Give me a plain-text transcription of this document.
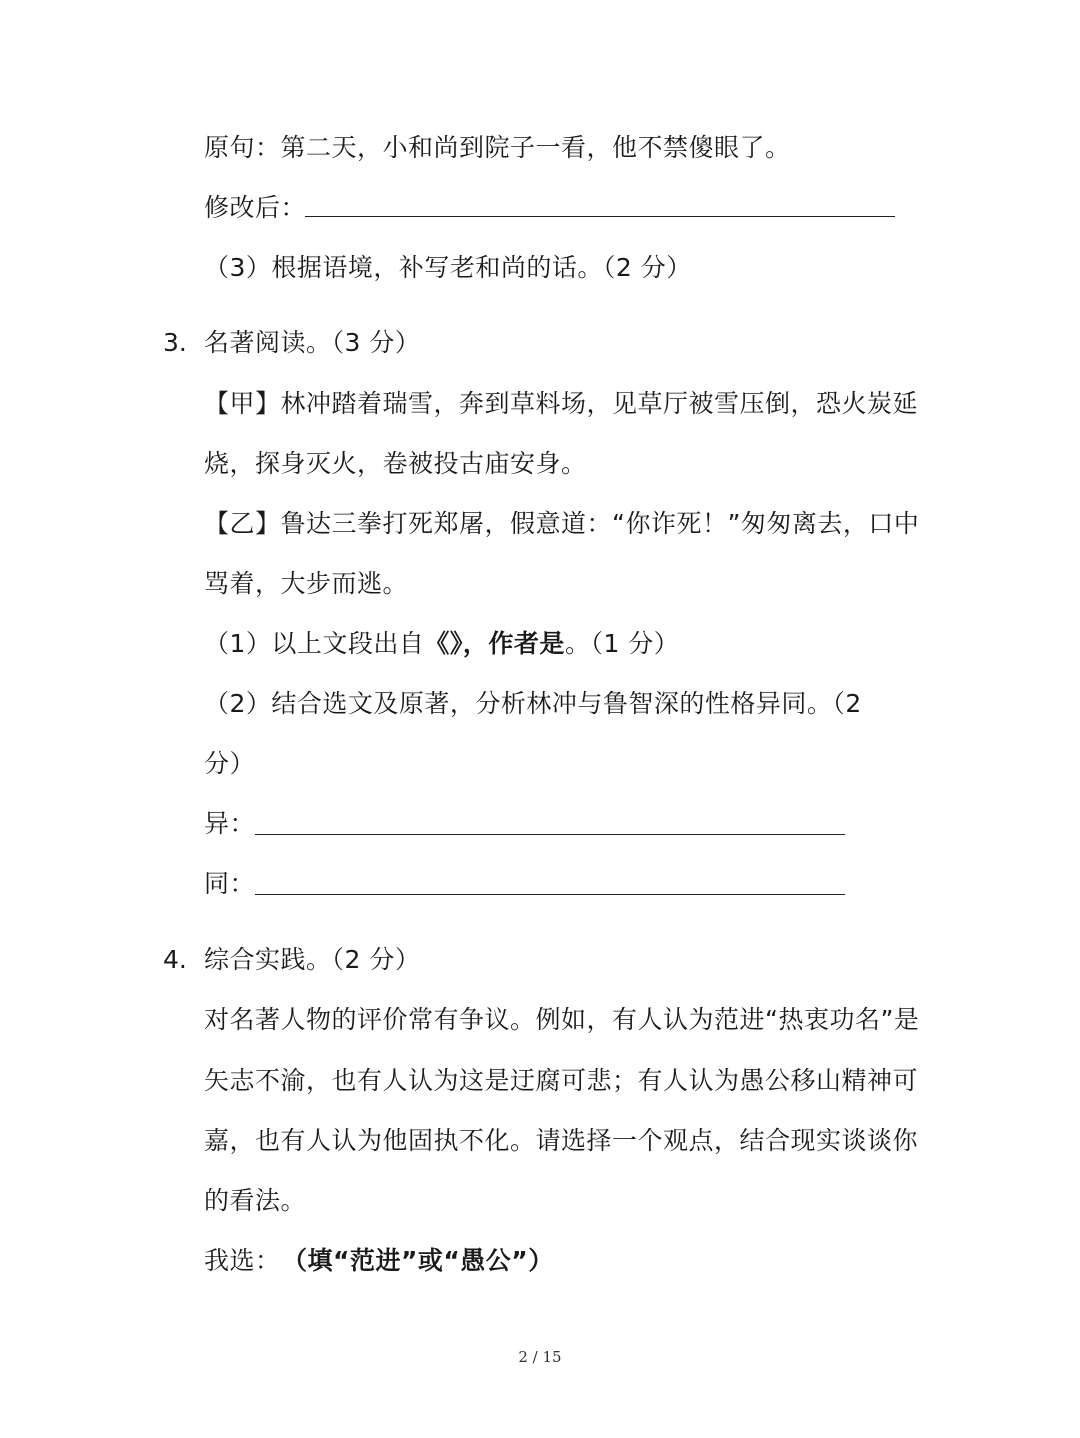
原句：第二天，小和尚到院子一看，他不禁傻眼了。
修改后：
（3）根据语境，补写老和尚的话。（2 分）
3. 名著阅读。（3 分）
【甲】林冲踏着瑞雪，奔到草料场，见草厅被雪压倒，恐火炭延
烧，探身灭火，卷被投古庙安身。
【乙】鲁达三拳打死郑屠，假意道：“你诈死！”匆匆离去，口中
骂着，大步而逃。
（1）以上文段出自《》，作者是。（1 分）
（2）结合选文及原著，分析林冲与鲁智深的性格异同。（2
分）
异：
同：
4. 综合实践。（2 分）
对名著人物的评价常有争议。例如，有人认为范进“热衷功名”是
矢志不渝，也有人认为这是迂腐可悲；有人认为愚公移山精神可
嘉，也有人认为他固执不化。请选择一个观点，结合现实谈谈你
的看法。
我选： （填“范进”或“愚公”）
2 / 15
